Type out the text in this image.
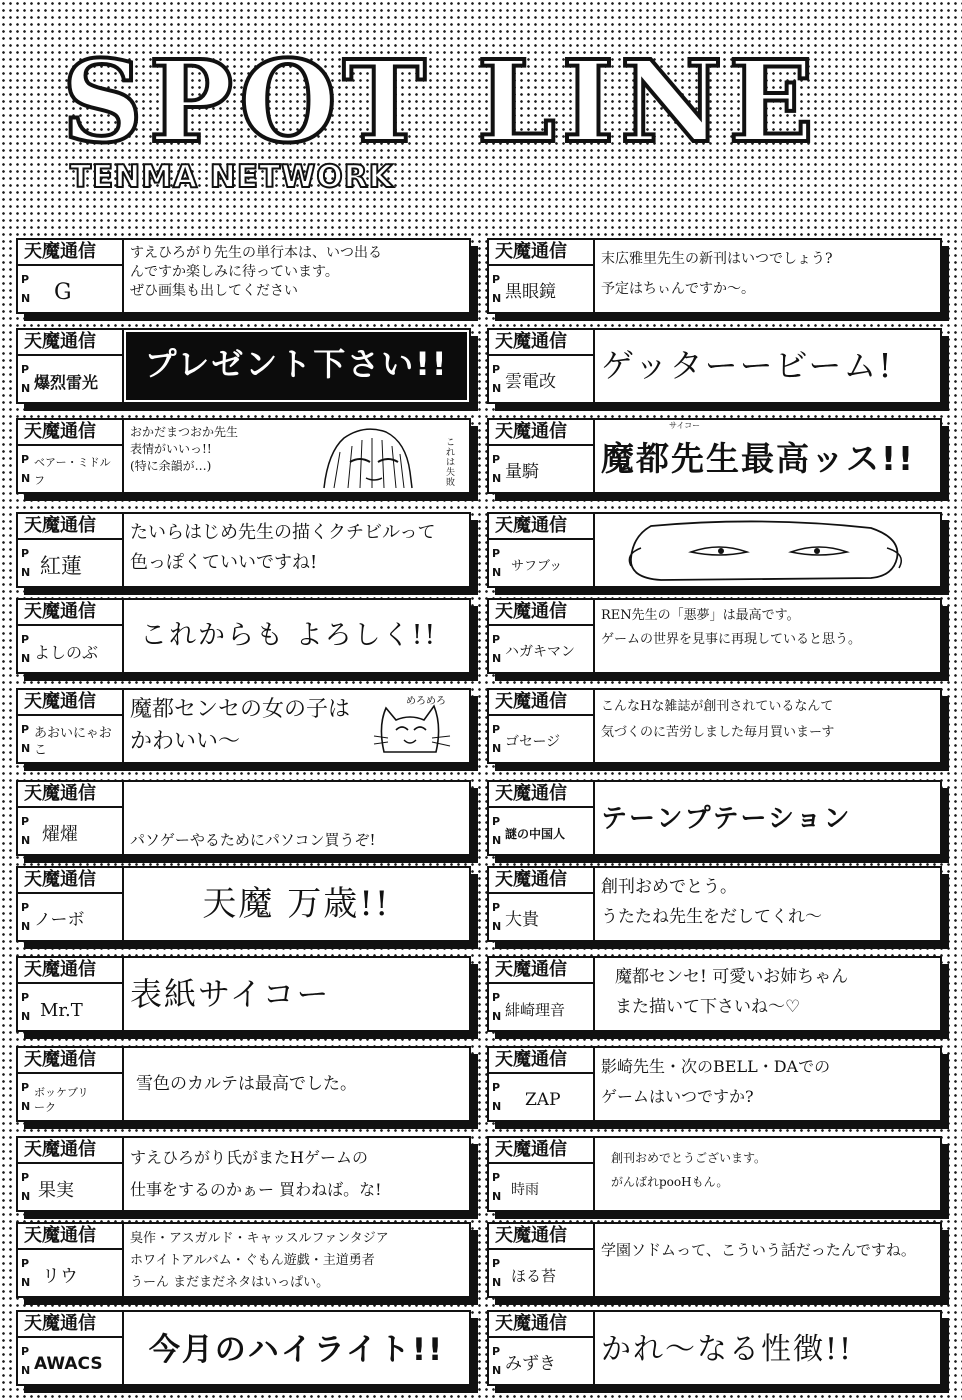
SPOT LINE
TENMA NETWORK
天魔通信
P
N	G
すえひろがり先生の単行本は、いつ出る
んですか楽しみに待っています。
ぜひ画集も出してください
天魔通信
P
N 爆烈雷光	プレゼント下さい!!
天魔通信
P
N
ベアー・ミドルフ
おかだまつおか先生
表情がいいっ!!
(特に余韻が…)
これは失敗
天魔通信
P
N 紅蓮
たいらはじめ先生の描くクチビルって
色っぽくていいですね!
天魔通信
P
N よしのぶ
これからも よろしく!!
天魔通信
P
N
あおいにゃおこ
魔都センセの女の子は
かわいい〜
めろめろ
天魔通信
P
N 燿燿	パソゲーやるためにパソコン買うぞ!
天魔通信
P
N ノーボ	天魔 万歳!!
天魔通信
P
N Mr.T	表紙サイコー
天魔通信
P
N
ボッケブリーク
雪色のカルテは最高でした。
天魔通信
P
N 果実
すえひろがり氏がまたHゲームの
仕事をするのかぁー 買わねば。な!
天魔通信
P
N リウ
臭作・アスガルド・キャッスルファンタジア
ホワイトアルバム・ぐもん遊戯・主道勇者
うーん まだまだネタはいっぱい。
天魔通信
P
N AWACS	今月のハイライト!!
天魔通信
P
N 黒眼鏡
末広雅里先生の新刊はいつでしょう?
予定はちぃんですか〜。
天魔通信
P
N 雲電改	ゲッターービーム!
天魔通信
P
N 量騎	魔都先生最高ッス!!
サイコー
天魔通信
P
N サフブッ
天魔通信
P
N ハガキマン
REN先生の「悪夢」は最高です。
ゲームの世界を見事に再現していると思う。
天魔通信
P
N ゴセージ
こんなHな雑誌が創刊されているなんて
気づくのに苦労しました毎月買いまーす
天魔通信
P
N 謎の中国人	テーンプテーション
天魔通信
P
N 大貴
創刊おめでとう。
うたたね先生をだしてくれ〜
天魔通信
P
N 緋崎理音
魔都センセ! 可愛いお姉ちゃん
また描いて下さいね〜♡
天魔通信
P
N	ZAP
影崎先生・次のBELL・DAでの
ゲームはいつですか?
天魔通信
P
N 時雨
創刊おめでとうございます。
がんばれpooHもん。
天魔通信
P
N ほる苔
学園ソドムって、こういう話だったんですね。
天魔通信
P
N みずき	かれ〜なる性徴!!
